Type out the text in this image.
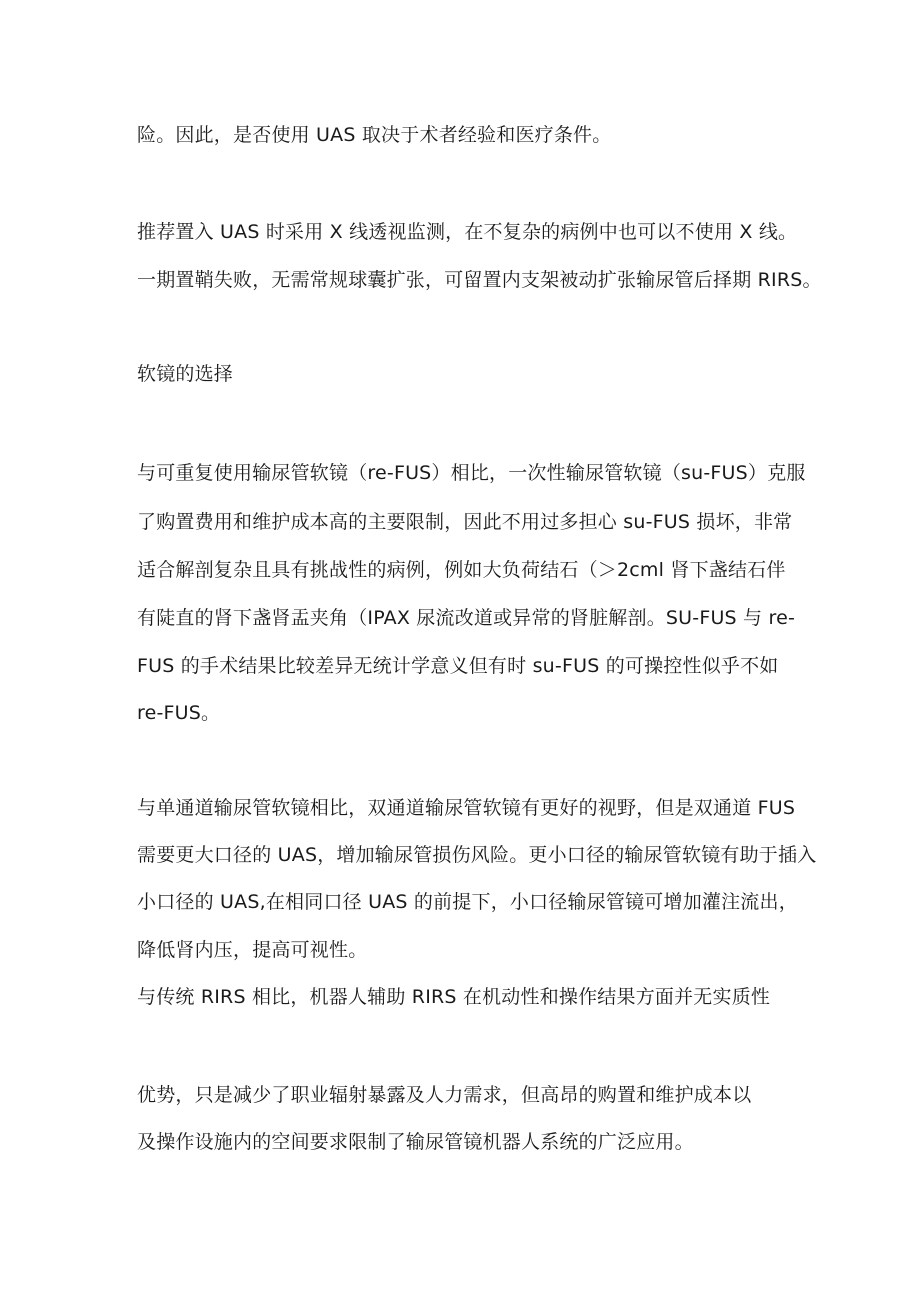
险。因此，是否使用 UAS 取决于术者经验和医疗条件。
推荐置入 UAS 时采用 X 线透视监测，在不复杂的病例中也可以不使用 X 线。
一期置鞘失败，无需常规球囊扩张，可留置内支架被动扩张输尿管后择期 RIRS。
软镜的选择
与可重复使用输尿管软镜（re-FUS）相比，一次性输尿管软镜（su-FUS）克服
了购置费用和维护成本高的主要限制，因此不用过多担心 su-FUS 损坏，非常
适合解剖复杂且具有挑战性的病例，例如大负荷结石（＞2cml 肾下盏结石伴
有陡直的肾下盏肾盂夹角（IPAX 尿流改道或异常的肾脏解剖。SU-FUS 与 re-
FUS 的手术结果比较差异无统计学意义但有时 su-FUS 的可操控性似乎不如
re-FUS。
与单通道输尿管软镜相比，双通道输尿管软镜有更好的视野，但是双通道 FUS
需要更大口径的 UAS，增加输尿管损伤风险。更小口径的输尿管软镜有助于插入
小口径的 UAS,在相同口径 UAS 的前提下，小口径输尿管镜可增加灌注流出，
降低肾内压，提高可视性。
与传统 RIRS 相比，机器人辅助 RIRS 在机动性和操作结果方面并无实质性
优势，只是减少了职业辐射暴露及人力需求，但高昂的购置和维护成本以
及操作设施内的空间要求限制了输尿管镜机器人系统的广泛应用。
